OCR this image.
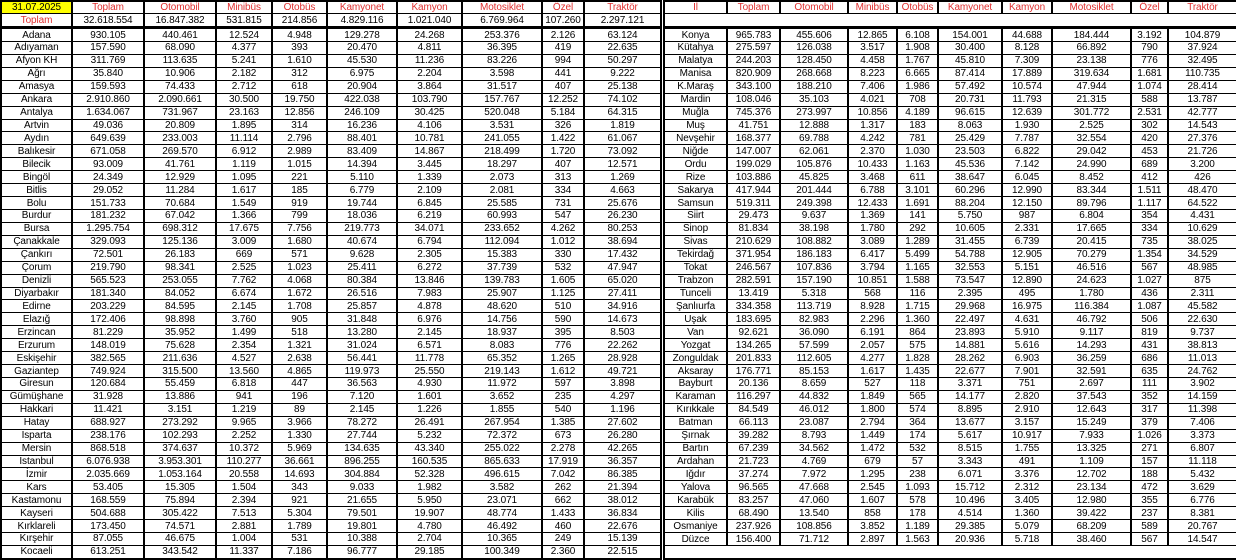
31.07.2025	Toplam	Otomobil	Minibüs	Otobüs	Kamyonet	Kamyon	Motosiklet	Özel	Traktör
Toplam	32.618.554	16.847.382	531.815	214.856	4.829.116	1.021.040	6.769.964	107.260	2.297.121
Adana	930.105	440.461	12.524	4.948	129.278	24.268	253.376	2.126	63.124
Adıyaman	157.590	68.090	4.377	393	20.470	4.811	36.395	419	22.635
Afyon KH	311.769	113.635	5.241	1.610	45.530	11.236	83.226	994	50.297
Ağrı	35.840	10.906	2.182	312	6.975	2.204	3.598	441	9.222
Amasya	159.593	74.433	2.712	618	20.904	3.864	31.517	407	25.138
Ankara	2.910.860	2.090.661	30.500	19.750	422.038	103.790	157.767	12.252	74.102
Antalya	1.634.067	731.967	23.163	12.856	246.109	30.425	520.048	5.184	64.315
Artvin	49.036	20.809	1.895	314	16.236	4.106	3.531	326	1.819
Aydın	649.639	233.003	11.114	2.796	88.401	10.781	241.055	1.422	61.067
Balıkesir	671.058	269.570	6.912	2.989	83.409	14.867	218.499	1.720	73.092
Bilecik	93.009	41.761	1.119	1.015	14.394	3.445	18.297	407	12.571
Bingöl	24.349	12.929	1.095	221	5.110	1.339	2.073	313	1.269
Bitlis	29.052	11.284	1.617	185	6.779	2.109	2.081	334	4.663
Bolu	151.733	70.684	1.549	919	19.744	6.845	25.585	731	25.676
Burdur	181.232	67.042	1.366	799	18.036	6.219	60.993	547	26.230
Bursa	1.295.754	698.312	17.675	7.756	219.773	34.071	233.652	4.262	80.253
Çanakkale	329.093	125.136	3.009	1.680	40.674	6.794	112.094	1.012	38.694
Çankırı	72.501	26.183	669	571	9.628	2.305	15.383	330	17.432
Çorum	219.790	98.341	2.525	1.023	25.411	6.272	37.739	532	47.947
Denizli	565.523	253.055	7.762	4.068	80.384	13.846	139.783	1.605	65.020
Diyarbakır	181.340	84.052	6.674	1.672	26.516	7.983	25.907	1.125	27.411
Edirne	203.229	84.595	2.145	1.708	25.857	4.878	48.620	510	34.916
Elazığ	172.406	98.898	3.760	905	31.848	6.976	14.756	590	14.673
Erzincan	81.229	35.952	1.499	518	13.280	2.145	18.937	395	8.503
Erzurum	148.019	75.628	2.354	1.321	31.024	6.571	8.083	776	22.262
Eskişehir	382.565	211.636	4.527	2.638	56.441	11.778	65.352	1.265	28.928
Gaziantep	749.924	315.500	13.560	4.865	119.973	25.550	219.143	1.612	49.721
Giresun	120.684	55.459	6.818	447	36.563	4.930	11.972	597	3.898
Gümüşhane	31.928	13.886	941	196	7.120	1.601	3.652	235	4.297
Hakkari	11.421	3.151	1.219	89	2.145	1.226	1.855	540	1.196
Hatay	688.927	273.292	9.965	3.966	78.272	26.491	267.954	1.385	27.602
Isparta	238.176	102.293	2.252	1.330	27.744	5.232	72.372	673	26.280
Mersin	868.518	374.637	10.372	5.969	134.635	43.340	255.022	2.278	42.265
İstanbul	6.076.938	3.953.301	110.277	36.661	896.255	160.535	865.633	17.919	36.357
İzmir	2.035.669	1.053.164	20.558	14.693	304.884	52.328	496.615	7.042	86.385
Kars	53.405	15.305	1.504	343	9.033	1.982	3.582	262	21.394
Kastamonu	168.559	75.894	2.394	921	21.655	5.950	23.071	662	38.012
Kayseri	504.688	305.422	7.513	5.304	79.501	19.907	48.774	1.433	36.834
Kırklareli	173.450	74.571	2.881	1.789	19.801	4.780	46.492	460	22.676
Kırşehir	87.055	46.675	1.004	531	10.388	2.704	10.365	249	15.139
Kocaeli	613.251	343.542	11.337	7.186	96.777	29.185	100.349	2.360	22.515
İl	Toplam	Otomobil	Minibüs	Otobüs	Kamyonet	Kamyon	Motosiklet	Özel	Traktör

Konya	965.783	455.606	12.865	6.108	154.001	44.688	184.444	3.192	104.879
Kütahya	275.597	126.038	3.517	1.908	30.400	8.128	66.892	790	37.924
Malatya	244.203	128.450	4.458	1.767	45.810	7.309	23.138	776	32.495
Manisa	820.909	268.668	8.223	6.665	87.414	17.889	319.634	1.681	110.735
K.Maraş	343.100	188.210	7.406	1.986	57.492	10.574	47.944	1.074	28.414
Mardin	108.046	35.103	4.021	708	20.731	11.793	21.315	588	13.787
Muğla	745.376	273.997	10.856	4.189	96.615	12.639	301.772	2.531	42.777
Muş	41.751	12.888	1.317	183	8.063	1.930	2.525	302	14.543
Nevşehir	168.377	69.788	4.242	781	25.429	7.787	32.554	420	27.376
Niğde	147.007	62.061	2.370	1.030	23.503	6.822	29.042	453	21.726
Ordu	199.029	105.876	10.433	1.163	45.536	7.142	24.990	689	3.200
Rize	103.886	45.825	3.468	611	38.647	6.045	8.452	412	426
Sakarya	417.944	201.444	6.788	3.101	60.296	12.990	83.344	1.511	48.470
Samsun	519.311	249.398	12.433	1.691	88.204	12.150	89.796	1.117	64.522
Siirt	29.473	9.637	1.369	141	5.750	987	6.804	354	4.431
Sinop	81.834	38.198	1.780	292	10.605	2.331	17.665	334	10.629
Sivas	210.629	108.882	3.089	1.289	31.455	6.739	20.415	735	38.025
Tekirdağ	371.954	186.183	6.417	5.499	54.788	12.905	70.279	1.354	34.529
Tokat	246.567	107.836	3.794	1.165	32.553	5.151	46.516	567	48.985
Trabzon	282.591	157.190	10.851	1.588	73.547	12.890	24.623	1.027	875
Tunceli	13.419	5.318	568	116	2.395	495	1.780	436	2.311
Şanlıurfa	334.358	113.719	8.928	1.715	29.968	16.975	116.384	1.087	45.582
Uşak	183.695	82.983	2.296	1.360	22.497	4.631	46.792	506	22.630
Van	92.621	36.090	6.191	864	23.893	5.910	9.117	819	9.737
Yozgat	134.265	57.599	2.057	575	14.881	5.616	14.293	431	38.813
Zonguldak	201.833	112.605	4.277	1.828	28.262	6.903	36.259	686	11.013
Aksaray	176.771	85.153	1.617	1.435	22.677	7.901	32.591	635	24.762
Bayburt	20.136	8.659	527	118	3.371	751	2.697	111	3.902
Karaman	116.297	44.832	1.849	565	14.177	2.820	37.543	352	14.159
Kırıkkale	84.549	46.012	1.800	574	8.895	2.910	12.643	317	11.398
Batman	66.113	23.087	2.794	364	13.677	3.157	15.249	379	7.406
Şırnak	39.282	8.793	1.449	174	5.617	10.917	7.933	1.026	3.373
Bartın	67.239	34.562	1.472	532	8.515	1.755	13.325	271	6.807
Ardahan	21.723	4.769	679	57	3.343	491	1.109	157	11.118
Iğdır	37.274	7.972	1.295	238	6.071	3.376	12.702	188	5.432
Yalova	96.565	47.668	2.545	1.093	15.712	2.312	23.134	472	3.629
Karabük	83.257	47.060	1.607	578	10.496	3.405	12.980	355	6.776
Kilis	68.490	13.540	858	178	4.514	1.360	39.422	237	8.381
Osmaniye	237.926	108.856	3.852	1.189	29.385	5.079	68.209	589	20.767
Düzce	156.400	71.712	2.897	1.563	20.936	5.718	38.460	567	14.547
